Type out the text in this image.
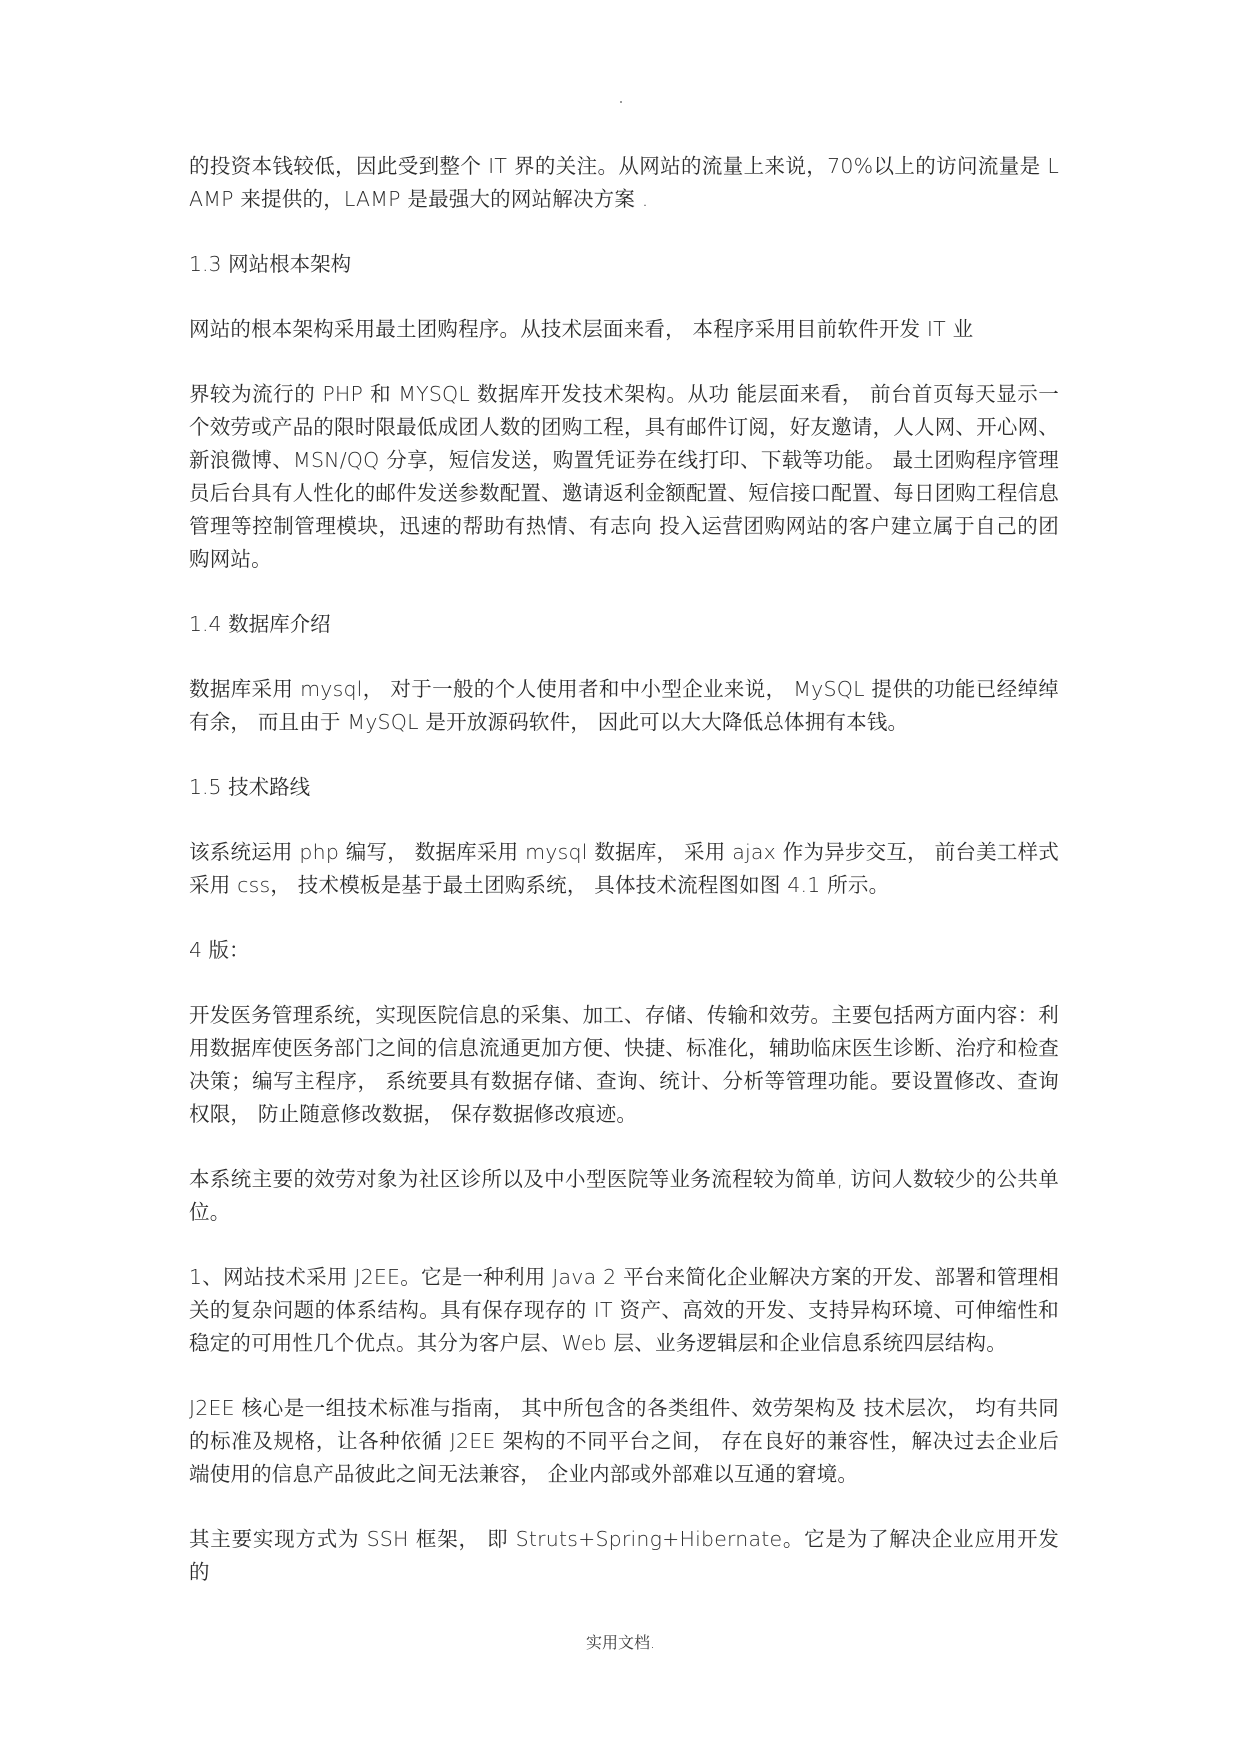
的投资本钱较低，因此受到整个 IT 界的关注。从网站的流量上来说，70%以上的访问流量是 LAMP 来提供的，LAMP 是最强大的网站解决方案 .

1.3 网站根本架构

网站的根本架构采用最土团购程序。从技术层面来看， 本程序采用目前软件开发 IT 业

界较为流行的 PHP 和 MYSQL 数据库开发技术架构。从功 能层面来看， 前台首页每天显示一个效劳或产品的限时限最低成团人数的团购工程，具有邮件订阅，好友邀请，人人网、开心网、新浪微博、MSN/QQ 分享，短信发送，购置凭证券在线打印、下载等功能。 最土团购程序管理员后台具有人性化的邮件发送参数配置、邀请返利金额配置、短信接口配置、每日团购工程信息管理等控制管理模块，迅速的帮助有热情、有志向 投入运营团购网站的客户建立属于自己的团购网站。

1.4 数据库介绍

数据库采用 mysql， 对于一般的个人使用者和中小型企业来说， MySQL 提供的功能已经绰绰有余， 而且由于 MySQL 是开放源码软件， 因此可以大大降低总体拥有本钱。

1.5 技术路线

该系统运用 php 编写， 数据库采用 mysql 数据库， 采用 ajax 作为异步交互， 前台美工样式采用 css， 技术模板是基于最土团购系统， 具体技术流程图如图 4.1 所示。

4 版：

开发医务管理系统，实现医院信息的采集、加工、存储、传输和效劳。主要包括两方面内容：利用数据库使医务部门之间的信息流通更加方便、快捷、标准化，辅助临床医生诊断、治疗和检查决策；编写主程序， 系统要具有数据存储、查询、统计、分析等管理功能。要设置修改、查询权限， 防止随意修改数据， 保存数据修改痕迹。

本系统主要的效劳对象为社区诊所以及中小型医院等业务流程较为简单, 访问人数较少的公共单位。

1、网站技术采用 J2EE。它是一种利用 Java 2 平台来简化企业解决方案的开发、部署和管理相关的复杂问题的体系结构。具有保存现存的 IT 资产、高效的开发、支持异构环境、可伸缩性和稳定的可用性几个优点。其分为客户层、Web 层、业务逻辑层和企业信息系统四层结构。

J2EE 核心是一组技术标准与指南， 其中所包含的各类组件、效劳架构及 技术层次， 均有共同的标准及规格，让各种依循 J2EE 架构的不同平台之间， 存在良好的兼容性，解决过去企业后端使用的信息产品彼此之间无法兼容， 企业内部或外部难以互通的窘境。

其主要实现方式为 SSH 框架， 即 Struts+Spring+Hibernate。它是为了解决企业应用开发的

实用文档.
